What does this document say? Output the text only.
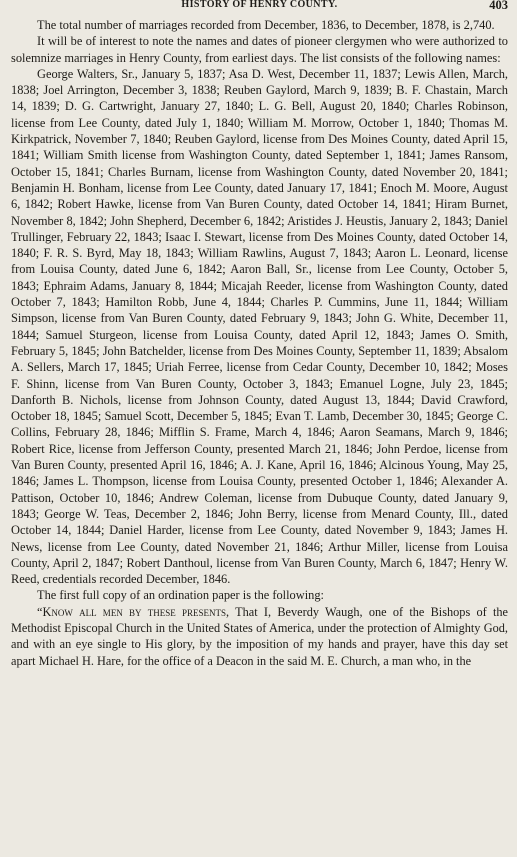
HISTORY OF HENRY COUNTY.	403

The total number of marriages recorded from December, 1836, to December, 1878, is 2,740.

It will be of interest to note the names and dates of pioneer clergymen who were authorized to solemnize marriages in Henry County, from earliest days. The list consists of the following names:

George Walters, Sr., January 5, 1837; Asa D. West, December 11, 1837; Lewis Allen, March, 1838; Joel Arrington, December 3, 1838; Reuben Gaylord, March 9, 1839; B. F. Chastain, March 14, 1839; D. G. Cartwright, January 27, 1840; L. G. Bell, August 20, 1840; Charles Robinson, license from Lee County, dated July 1, 1840; William M. Morrow, October 1, 1840; Thomas M. Kirkpatrick, November 7, 1840; Reuben Gaylord, license from Des Moines County, dated April 15, 1841; William Smith license from Washington County, dated September 1, 1841; James Ransom, October 15, 1841; Charles Burnam, license from Washington County, dated November 20, 1841; Benjamin H. Bonham, license from Lee County, dated January 17, 1841; Enoch M. Moore, August 6, 1842; Robert Hawke, license from Van Buren County, dated October 14, 1841; Hiram Burnet, November 8, 1842; John Shepherd, December 6, 1842; Aristides J. Heustis, January 2, 1843; Daniel Trullinger, February 22, 1843; Isaac I. Stewart, license from Des Moines County, dated October 14, 1840; F. R. S. Byrd, May 18, 1843; William Rawlins, August 7, 1843; Aaron L. Leonard, license from Louisa County, dated June 6, 1842; Aaron Ball, Sr., license from Lee County, October 5, 1843; Ephraim Adams, January 8, 1844; Micajah Reeder, license from Washington County, dated October 7, 1843; Hamilton Robb, June 4, 1844; Charles P. Cummins, June 11, 1844; William Simpson, license from Van Buren County, dated February 9, 1843; John G. White, December 11, 1844; Samuel Sturgeon, license from Louisa County, dated April 12, 1843; James O. Smith, February 5, 1845; John Batchelder, license from Des Moines County, September 11, 1839; Absalom A. Sellers, March 17, 1845; Uriah Ferree, license from Cedar County, December 10, 1842; Moses F. Shinn, license from Van Buren County, October 3, 1843; Emanuel Logne, July 23, 1845; Danforth B. Nichols, license from Johnson County, dated August 13, 1844; David Crawford, October 18, 1845; Samuel Scott, December 5, 1845; Evan T. Lamb, December 30, 1845; George C. Collins, February 28, 1846; Mifflin S. Frame, March 4, 1846; Aaron Seamans, March 9, 1846; Robert Rice, license from Jefferson County, presented March 21, 1846; John Perdoe, license from Van Buren County, presented April 16, 1846; A. J. Kane, April 16, 1846; Alcinous Young, May 25, 1846; James L. Thompson, license from Louisa County, presented October 1, 1846; Alexander A. Pattison, October 10, 1846; Andrew Coleman, license from Dubuque County, dated January 9, 1843; George W. Teas, December 2, 1846; John Berry, license from Menard County, Ill., dated October 14, 1844; Daniel Harder, license from Lee County, dated November 9, 1843; James H. News, license from Lee County, dated November 21, 1846; Arthur Miller, license from Louisa County, April 2, 1847; Robert Danthoul, license from Van Buren County, March 6, 1847; Henry W. Reed, credentials recorded December, 1846.

The first full copy of an ordination paper is the following:

“Know all men by these presents, That I, Beverdy Waugh, one of the Bishops of the Methodist Episcopal Church in the United States of America, under the protection of Almighty God, and with an eye single to His glory, by the imposition of my hands and prayer, have this day set apart Michael H. Hare, for the office of a Deacon in the said M. E. Church, a man who, in the
